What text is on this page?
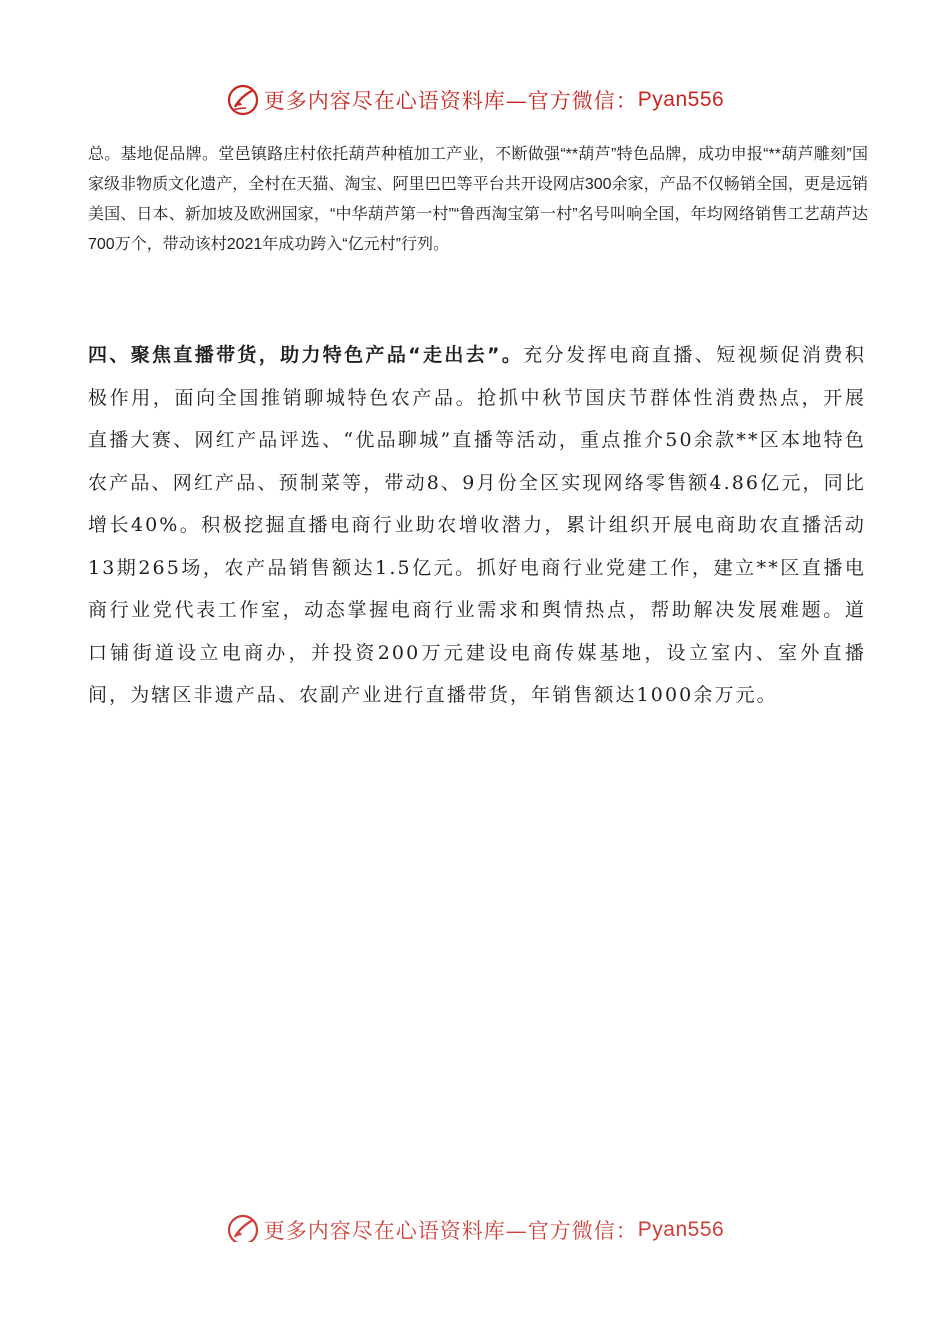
更多内容尽在心语资料库—官方微信： Pyan556
总。基地促品牌。堂邑镇路庄村依托葫芦种植加工产业，不断做强“**葫芦”特色品牌，成功申报“**葫芦雕刻”国家级非物质文化遗产，全村在天猫、淘宝、阿里巴巴等平台共开设网店300余家，产品不仅畅销全国，更是远销美国、日本、新加坡及欧洲国家，“中华葫芦第一村”“鲁西淘宝第一村”名号叫响全国，年均网络销售工艺葫芦达700万个，带动该村2021年成功跨入“亿元村”行列。
四、聚焦直播带货，助力特色产品“走出去”。充分发挥电商直播、短视频促消费积极作用，面向全国推销聊城特色农产品。抢抓中秋节国庆节群体性消费热点，开展直播大赛、网红产品评选、“优品聊城”直播等活动，重点推介50余款**区本地特色农产品、网红产品、预制菜等，带动8、9月份全区实现网络零售额4.86亿元，同比增长40%。积极挖掘直播电商行业助农增收潜力，累计组织开展电商助农直播活动13期265场，农产品销售额达1.5亿元。抓好电商行业党建工作，建立**区直播电商行业党代表工作室，动态掌握电商行业需求和舆情热点，帮助解决发展难题。道口铺街道设立电商办，并投资200万元建设电商传媒基地，设立室内、室外直播间，为辖区非遗产品、农副产业进行直播带货，年销售额达1000余万元。
更多内容尽在心语资料库—官方微信： Pyan556
